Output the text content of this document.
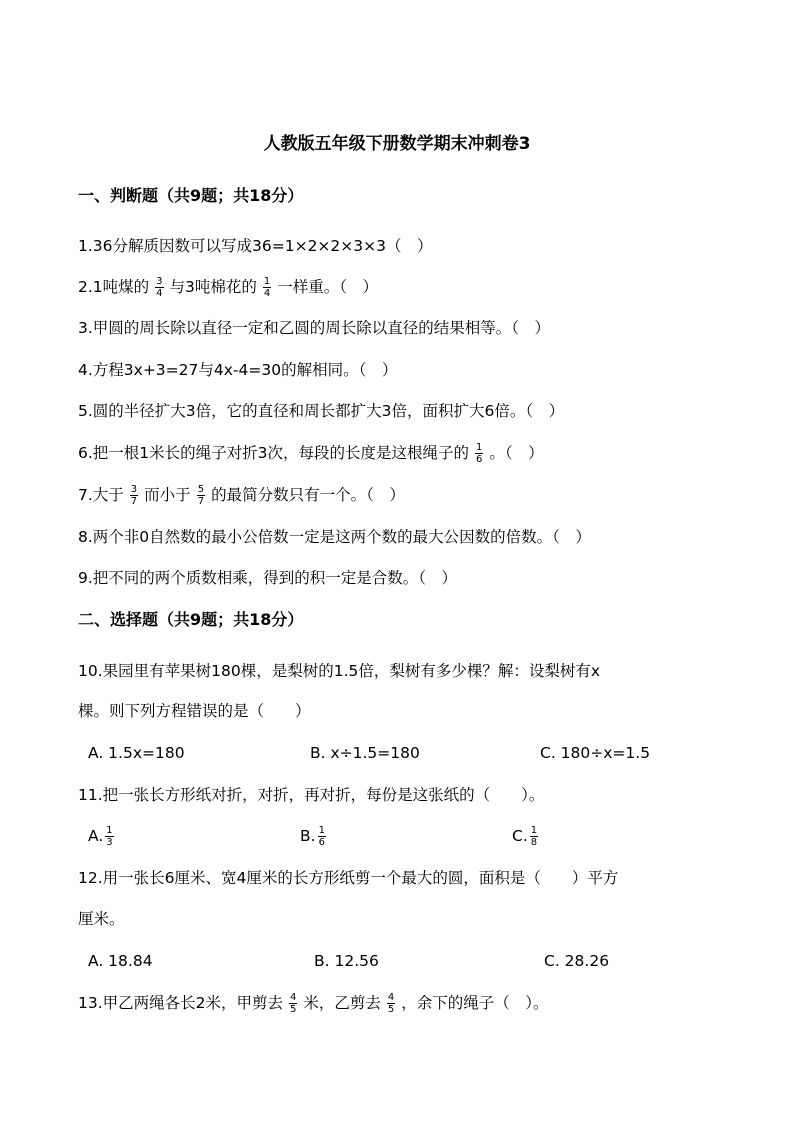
人教版五年级下册数学期末冲刺卷3
一、判断题（共9题；共18分）
1.36分解质因数可以写成36=1×2×2×3×3（　）
2.1吨煤的 $\frac{3}{4}$ 与3吨棉花的 $\frac{1}{4}$ 一样重。（　）
3.甲圆的周长除以直径一定和乙圆的周长除以直径的结果相等。（　）
4.方程3x+3=27与4x-4=30的解相同。（　）
5.圆的半径扩大3倍，它的直径和周长都扩大3倍，面积扩大6倍。（　）
6.把一根1米长的绳子对折3次，每段的长度是这根绳子的 $\frac{1}{6}$ 。（　）
7.大于 $\frac{3}{7}$ 而小于 $\frac{5}{7}$ 的最简分数只有一个。（　）
8.两个非0自然数的最小公倍数一定是这两个数的最大公因数的倍数。（　）
9.把不同的两个质数相乘，得到的积一定是合数。（　）
二、选择题（共9题；共18分）
10.果园里有苹果树180棵，是梨树的1.5倍，梨树有多少棵？解：设梨树有x
棵。则下列方程错误的是（　　）
A. 1.5x=180	B. x÷1.5=180	C. 180÷x=1.5
11.把一张长方形纸对折，对折，再对折，每份是这张纸的（　　）。
A. $\frac{1}{3}$	B. $\frac{1}{6}$	C. $\frac{1}{8}$
12.用一张长6厘米、宽4厘米的长方形纸剪一个最大的圆，面积是（　　）平方
厘米。
A. 18.84	B. 12.56	C. 28.26
13.甲乙两绳各长2米，甲剪去 $\frac{4}{5}$ 米，乙剪去 $\frac{4}{5}$ ，余下的绳子（　）。
